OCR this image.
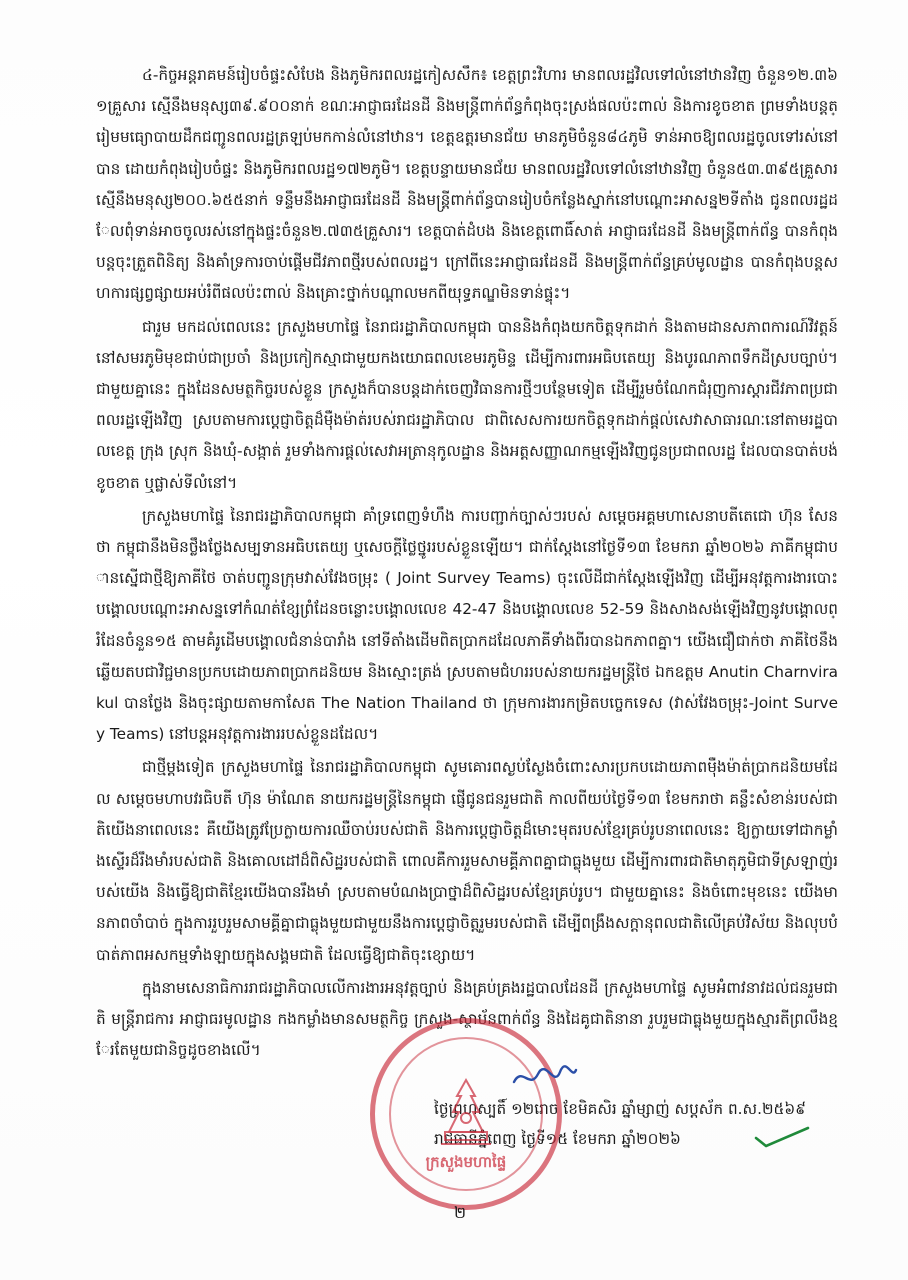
៤-កិច្ចអន្តរាគមន៍រៀបចំផ្ទះសំបែង និងភូមិករពលរដ្ឋកៀសសឹក៖ ខេត្តព្រះវិហារ មានពលរដ្ឋវិលទៅលំនៅឋានវិញ ចំនួន១២.៣៦១គ្រួសារ ស្មើនឹងមនុស្ស៣៩.៩០០នាក់ ខណៈអាជ្ញាធរដែនដី និងមន្ត្រីពាក់ព័ន្ធកំពុងចុះស្រង់ផលប៉ះពាល់ និងការខូចខាត ព្រមទាំងបន្តត្រៀមមធ្យោបាយដឹកជញ្ជូនពលរដ្ឋត្រឡប់មកកាន់លំនៅឋាន។ ខេត្តឧត្តរមានជ័យ មានភូមិចំនួន៨៤ភូមិ ទាន់អាចឱ្យពលរដ្ឋចូលទៅរស់នៅបាន ដោយកំពុងរៀបចំផ្ទះ និងភូមិករពលរដ្ឋ១៧២ភូមិ។ ខេត្តបន្ទាយមានជ័យ មានពលរដ្ឋវិលទៅលំនៅឋានវិញ ចំនួន៥៣.៣៩៥គ្រួសារ ស្មើនឹងមនុស្ស២០០.៦៥៥នាក់ ទន្ទឹមនឹងអាជ្ញាធរដែនដី និងមន្ត្រីពាក់ព័ន្ធបានរៀបចំកន្លែងស្នាក់នៅបណ្ដោះអាសន្ន២ទីតាំង ជូនពលរដ្ឋដែលពុំទាន់អាចចូលរស់នៅក្នុងផ្ទះចំនួន២.៧៣៥គ្រួសារ។ ខេត្តបាត់ដំបង និងខេត្តពោធិ៍សាត់ អាជ្ញាធរដែនដី និងមន្ត្រីពាក់ព័ន្ធ បានកំពុងបន្តចុះត្រួតពិនិត្យ និងគាំទ្រការចាប់ផ្ដើមជីវភាពថ្មីរបស់ពលរដ្ឋ។ ក្រៅពីនេះអាជ្ញាធរដែនដី និងមន្ត្រីពាក់ព័ន្ធគ្រប់មូលដ្ឋាន បានកំពុងបន្តសហការផ្សព្វផ្សាយអប់រំពីផលប៉ះពាល់ និងគ្រោះថ្នាក់បណ្ដាលមកពីយុទ្ធភណ្ឌមិនទាន់ផ្ទុះ។

ជារួម មកដល់ពេលនេះ ក្រសួងមហាផ្ទៃ នៃរាជរដ្ឋាភិបាលកម្ពុជា បាននិងកំពុងយកចិត្តទុកដាក់ និងតាមដានសភាពការណ៍វិវត្តន៍នៅសមរភូមិមុខជាប់ជាប្រចាំ និងប្រកៀកស្មាជាមួយកងយោធពលខេមរភូមិន្ទ ដើម្បីការពារអធិបតេយ្យ និងបូរណភាពទឹកដីស្របច្បាប់។ ជាមួយគ្នានេះ ក្នុងដែនសមត្ថកិច្ចរបស់ខ្លួន ក្រសួងក៏បានបន្តដាក់ចេញវិធានការថ្មីៗបន្ថែមទៀត ដើម្បីរួមចំណែកជំរុញការស្ដារជីវភាពប្រជាពលរដ្ឋឡើងវិញ ស្របតាមការប្ដេជ្ញាចិត្តដ៏មុឺងម៉ាត់របស់រាជរដ្ឋាភិបាល ជាពិសេសការយកចិត្តទុកដាក់ផ្ដល់សេវាសាធារណៈនៅតាមរដ្ឋបាលខេត្ត ក្រុង ស្រុក និងឃុំ-សង្កាត់ រួមទាំងការផ្ដល់សេវាអត្រានុកូលដ្ឋាន និងអត្តសញ្ញាណកម្មឡើងវិញជូនប្រជាពលរដ្ឋ ដែលបានបាត់បង់ ខូចខាត ឬផ្លាស់ទីលំនៅ។

ក្រសួងមហាផ្ទៃ នៃរាជរដ្ឋាភិបាលកម្ពុជា គាំទ្រពេញទំហឹង ការបញ្ជាក់ច្បាស់ៗរបស់ សម្ដេចអគ្គមហាសេនាបតីតេជោ ហ៊ុន សែន ថា កម្ពុជានឹងមិនថ្លឹងថ្លែងសម្បទានអធិបតេយ្យ ឬសេចក្ដីថ្លៃថ្នូររបស់ខ្លួនឡើយ។ ជាក់ស្ដែងនៅថ្ងៃទី១៣ ខែមករា ឆ្នាំ២០២៦ ភាគីកម្ពុជាបានស្នើជាថ្មីឱ្យភាគីថៃ ចាត់បញ្ជូនក្រុមវាស់វែងចម្រុះ ( Joint Survey Teams) ចុះលើដីជាក់ស្ដែងឡើងវិញ ដើម្បីអនុវត្តការងារបោះបង្គោលបណ្ដោះអាសន្នទៅកំណត់ខ្សែព្រំដែនចន្លោះបង្គោលលេខ 42-47 និងបង្គោលលេខ 52-59 និងសាងសង់ឡើងវិញនូវបង្គោលព្រំដែនចំនួន១៥ តាមគំរូដើមបង្គោលជំនាន់បារាំង នៅទីតាំងដើមពិតប្រាកដដែលភាគីទាំងពីរបានឯកភាពគ្នា។ យើងជឿជាក់ថា ភាគីថៃនឹងឆ្លើយតបជាវិជ្ជមានប្រកបដោយភាពប្រាកដនិយម និងស្មោះត្រង់ ស្របតាមជំហររបស់នាយករដ្ឋមន្ត្រីថៃ ឯកឧត្តម Anutin Charnvirakul បានថ្លែង និងចុះផ្សាយតាមកាសែត The Nation Thailand ថា ក្រុមការងារកម្រិតបច្ចេកទេស (វាស់វែងចម្រុះ-Joint Survey Teams) នៅបន្តអនុវត្តការងាររបស់ខ្លួនដដែល។

ជាថ្មីម្ដងទៀត ក្រសួងមហាផ្ទៃ នៃរាជរដ្ឋាភិបាលកម្ពុជា សូមគោរពស្ងប់ស្ងែងចំពោះសារប្រកបដោយភាពមុឺងម៉ាត់ប្រាកដនិយមដែល សម្ដេចមហាបវរធិបតី ហ៊ុន ម៉ាណែត នាយករដ្ឋមន្ត្រីនៃកម្ពុជា ផ្ញើជូនជនរួមជាតិ កាលពីយប់ថ្ងៃទី១៣ ខែមករាថា គន្លឹះសំខាន់របស់ជាតិយើងនាពេលនេះ គឺយើងត្រូវប្រែក្លាយការឈឺចាប់របស់ជាតិ និងការប្ដេជ្ញាចិត្តដ៏មោះមុតរបស់ខ្មែរគ្រប់រូបនាពេលនេះ ឱ្យក្លាយទៅជាកម្លាំងស្ទើរដ៏រឹងមាំរបស់ជាតិ និងគោលដៅដ៏ពិសិដ្ឋរបស់ជាតិ ពោលគឺការរួមសាមគ្គីភាពគ្នាជាធ្លុងមួយ ដើម្បីការពារជាតិមាតុភូមិជាទីស្រឡាញ់របស់យើង និងធ្វើឱ្យជាតិខ្មែរយើងបានរឹងមាំ ស្របតាមបំណងប្រាថ្នាដ៏ពិសិដ្ឋរបស់ខ្មែរគ្រប់រូប។ ជាមួយគ្នានេះ និងចំពោះមុខនេះ យើងមានភាពចាំបាច់ ក្នុងការរួបរួមសាមគ្គីគ្នាជាធ្លុងមួយជាមួយនឹងការប្ដេជ្ញាចិត្តរួមរបស់ជាតិ ដើម្បីពង្រឹងសក្ដានុពលជាតិលើគ្រប់វិស័យ និងលុបបំបាត់ភាពអសកម្មទាំងឡាយក្នុងសង្គមជាតិ ដែលធ្វើឱ្យជាតិចុះខ្សោយ។

ក្នុងនាមសេនាធិការរាជរដ្ឋាភិបាលលើការងារអនុវត្តច្បាប់ និងគ្រប់គ្រងរដ្ឋបាលដែនដី ក្រសួងមហាផ្ទៃ សូមអំពាវនាវដល់ជនរួមជាតិ មន្ត្រីរាជការ អាជ្ញាធរមូលដ្ឋាន កងកម្លាំងមានសមត្ថកិច្ច ក្រសួង-ស្ថាប័នពាក់ព័ន្ធ និងដៃគូជាតិនានា រួបរួមជាធ្លុងមួយក្នុងស្មារតីព្រលឹងខ្មែរតែមួយជានិច្ចដូចខាងលើ។

ថ្ងៃព្រហស្បតិ៍ ១២រោច ខែមិគសិរ ឆ្នាំម្សាញ់ សប្តស័ក ព.ស.២៥៦៩
រាជធានីភ្នំពេញ ថ្ងៃទី១៥ ខែមករា ឆ្នាំ២០២៦
ក្រសួងមហាផ្ទៃ
២
